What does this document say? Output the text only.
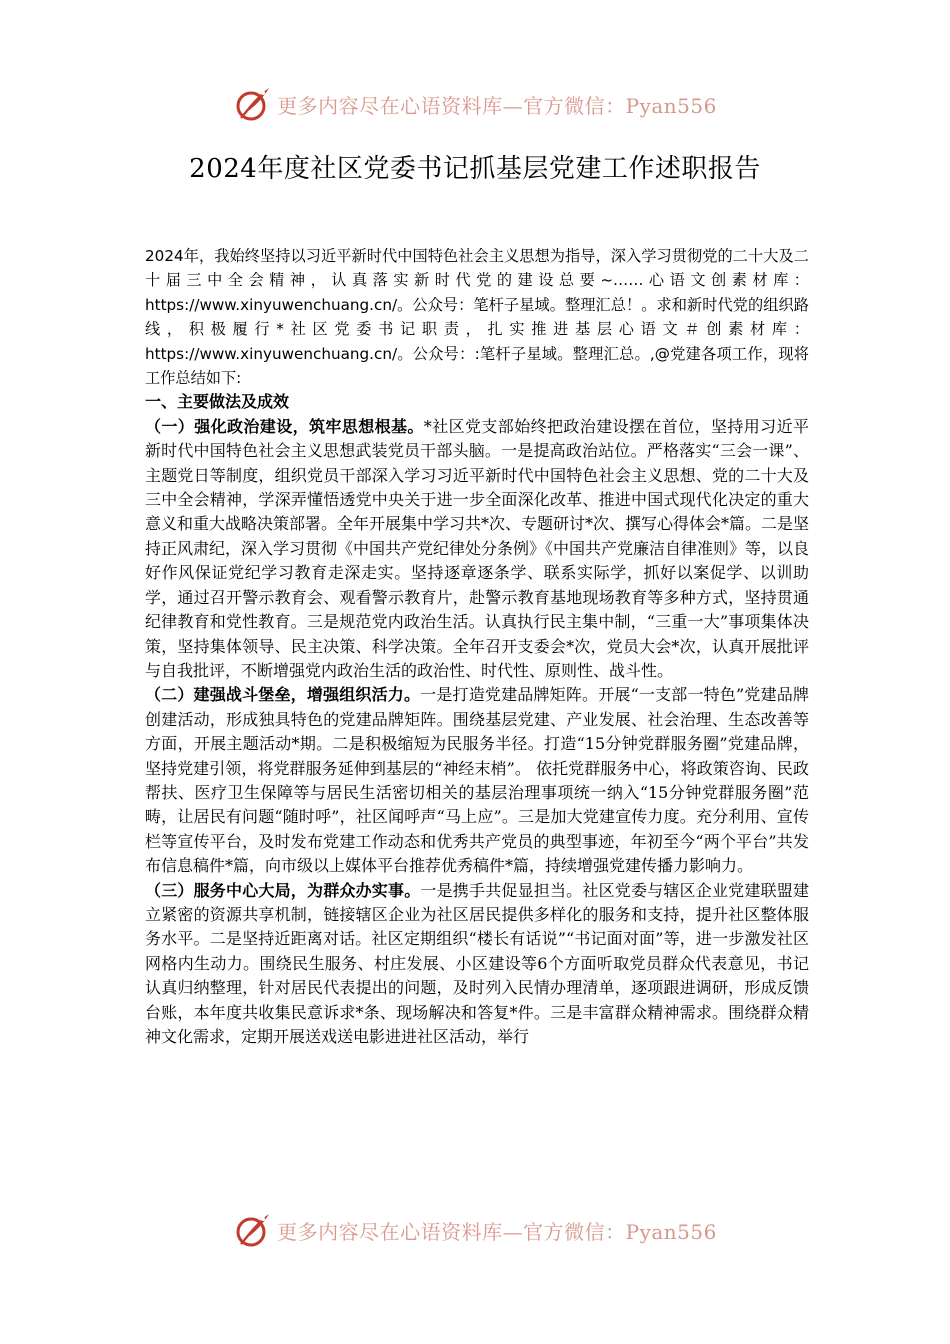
更多内容尽在心语资料库—官方微信：Pyan556
2024年度社区党委书记抓基层党建工作述职报告

2024年，我始终坚持以习近平新时代中国特色社会主义思想为指导，深入学习贯彻党的二十大及二十届三中全会精神，认真落实新时代党的建设总要~……心语文创素材库：https://www.xinyuwenchuang.cn/。公众号：笔杆子星域。整理汇总！。求和新时代党的组织路线，积极履行*社区党委书记职责，扎实推进基层心语文＃创素材库：https://www.xinyuwenchuang.cn/。公众号：:笔杆子星域。整理汇总。,@党建各项工作，现将工作总结如下:

一、主要做法及成效

（一）强化政治建设，筑牢思想根基。*社区党支部始终把政治建设摆在首位，坚持用习近平新时代中国特色社会主义思想武装党员干部头脑。一是提高政治站位。严格落实“三会一课”、主题党日等制度，组织党员干部深入学习习近平新时代中国特色社会主义思想、党的二十大及三中全会精神，学深弄懂悟透党中央关于进一步全面深化改革、推进中国式现代化决定的重大意义和重大战略决策部署。全年开展集中学习共*次、专题研讨*次、撰写心得体会*篇。二是坚持正风肃纪，深入学习贯彻《中国共产党纪律处分条例》《中国共产党廉洁自律准则》等，以良好作风保证党纪学习教育走深走实。坚持逐章逐条学、联系实际学，抓好以案促学、以训助学，通过召开警示教育会、观看警示教育片，赴警示教育基地现场教育等多种方式，坚持贯通纪律教育和党性教育。三是规范党内政治生活。认真执行民主集中制，“三重一大”事项集体决策，坚持集体领导、民主决策、科学决策。全年召开支委会*次，党员大会*次，认真开展批评与自我批评，不断增强党内政治生活的政治性、时代性、原则性、战斗性。

（二）建强战斗堡垒，增强组织活力。一是打造党建品牌矩阵。开展“一支部一特色”党建品牌创建活动，形成独具特色的党建品牌矩阵。围绕基层党建、产业发展、社会治理、生态改善等方面，开展主题活动*期。二是积极缩短为民服务半径。打造“15分钟党群服务圈”党建品牌，坚持党建引领，将党群服务延伸到基层的“神经末梢”。 依托党群服务中心，将政策咨询、民政帮扶、医疗卫生保障等与居民生活密切相关的基层治理事项统一纳入“15分钟党群服务圈”范畴，让居民有问题“随时呼”，社区闻呼声“马上应”。三是加大党建宣传力度。充分利用、宣传栏等宣传平台，及时发布党建工作动态和优秀共产党员的典型事迹，年初至今“两个平台”共发布信息稿件*篇，向市级以上媒体平台推荐优秀稿件*篇，持续增强党建传播力影响力。

（三）服务中心大局，为群众办实事。一是携手共促显担当。社区党委与辖区企业党建联盟建立紧密的资源共享机制，链接辖区企业为社区居民提供多样化的服务和支持，提升社区整体服务水平。二是坚持近距离对话。社区定期组织“楼长有话说”“书记面对面”等，进一步激发社区网格内生动力。围绕民生服务、村庄发展、小区建设等6个方面听取党员群众代表意见，书记认真归纳整理，针对居民代表提出的问题，及时列入民情办理清单，逐项跟进调研，形成反馈台账，本年度共收集民意诉求*条、现场解决和答复*件。三是丰富群众精神需求。围绕群众精神文化需求，定期开展送戏送电影进进社区活动，举行

更多内容尽在心语资料库—官方微信：Pyan556
